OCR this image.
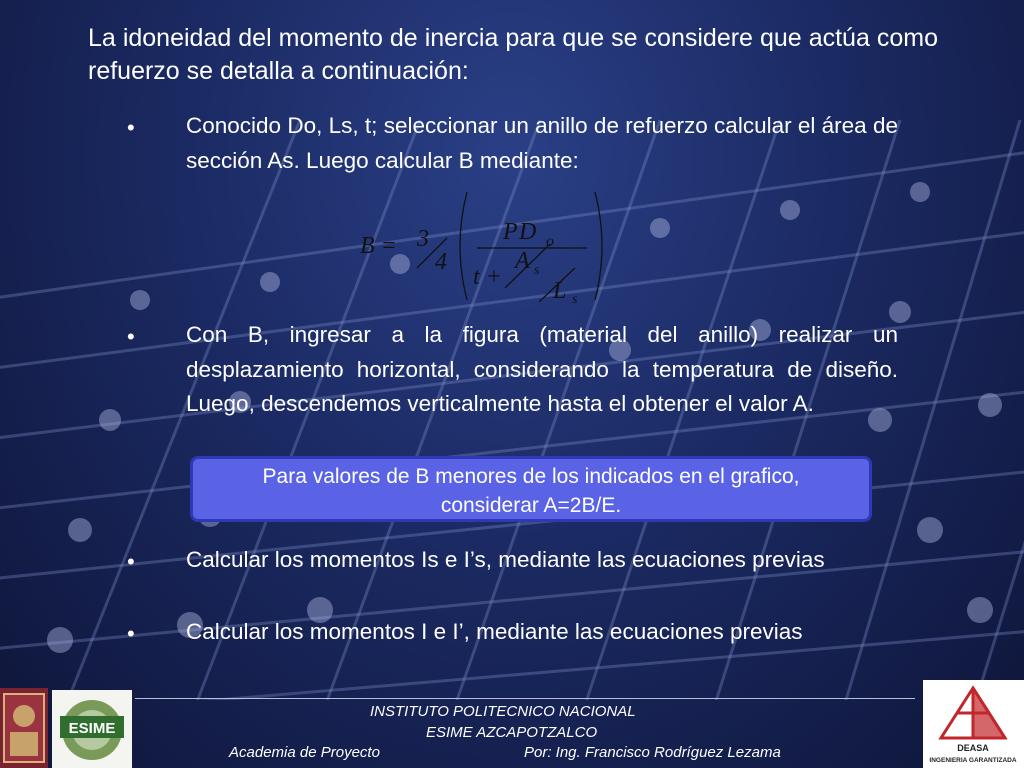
La idoneidad del momento de inercia para que se considere que actúa como refuerzo se detalla a continuación:
• Conocido Do, Ls, t; seleccionar un anillo de refuerzo calcular el área de sección As. Luego calcular B mediante:
B = 3
4
P D o
A s
t +
L s
• Con B, ingresar a la figura (material del anillo) realizar un desplazamiento horizontal, considerando la temperatura de diseño. Luego, descendemos verticalmente hasta el obtener el valor A.
Para valores de B menores de los indicados en el grafico,
considerar A=2B/E.
• Calcular los momentos Is e I’s, mediante las ecuaciones previas
• Calcular los momentos I e I’, mediante las ecuaciones previas
ESIME
INSTITUTO POLITECNICO NACIONAL
ESIME AZCAPOTZALCO
Academia de Proyecto	Por: Ing. Francisco Rodríguez Lezama	DEASA
INGENIERIA GARANTIZADA
